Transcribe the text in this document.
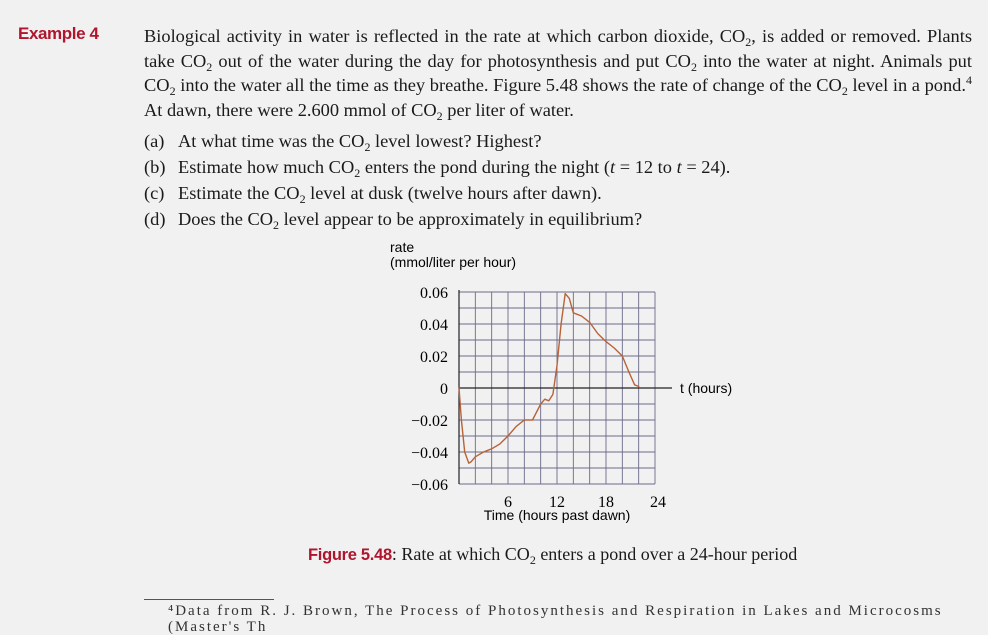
Example 4 Biological activity in water is reflected in the rate at which carbon dioxide, $CO_2$, is added or removed. Plants take $CO_2$ out of the water during the day for photosynthesis and put $CO_2$ into the water at night. Animals put $CO_2$ into the water all the time as they breathe. Figure 5.48 shows the rate of change of the $CO_2$ level in a pond.$^4$ At dawn, there were 2.600 mmol of $CO_2$ per liter of water.
(a) At what time was the $CO_2$ level lowest? Highest?
(b) Estimate how much $CO_2$ enters the pond during the night (t = 12 to t = 24).
(c) Estimate the $CO_2$ level at dusk (twelve hours after dawn).
(d) Does the $CO_2$ level appear to be approximately in equilibrium?
0.06
0.04
0.02
0
−0.02
−0.04
−0.06
6 12 18 24
rate
(mmol/liter per hour)
t (hours)
Time (hours past dawn)
Figure 5.48: Rate at which $CO_2$ enters a pond over a 24-hour period
⁴Data from R. J. Brown, The Process of Photosynthesis and Respiration in Lakes and Microcosms (Master's Th
